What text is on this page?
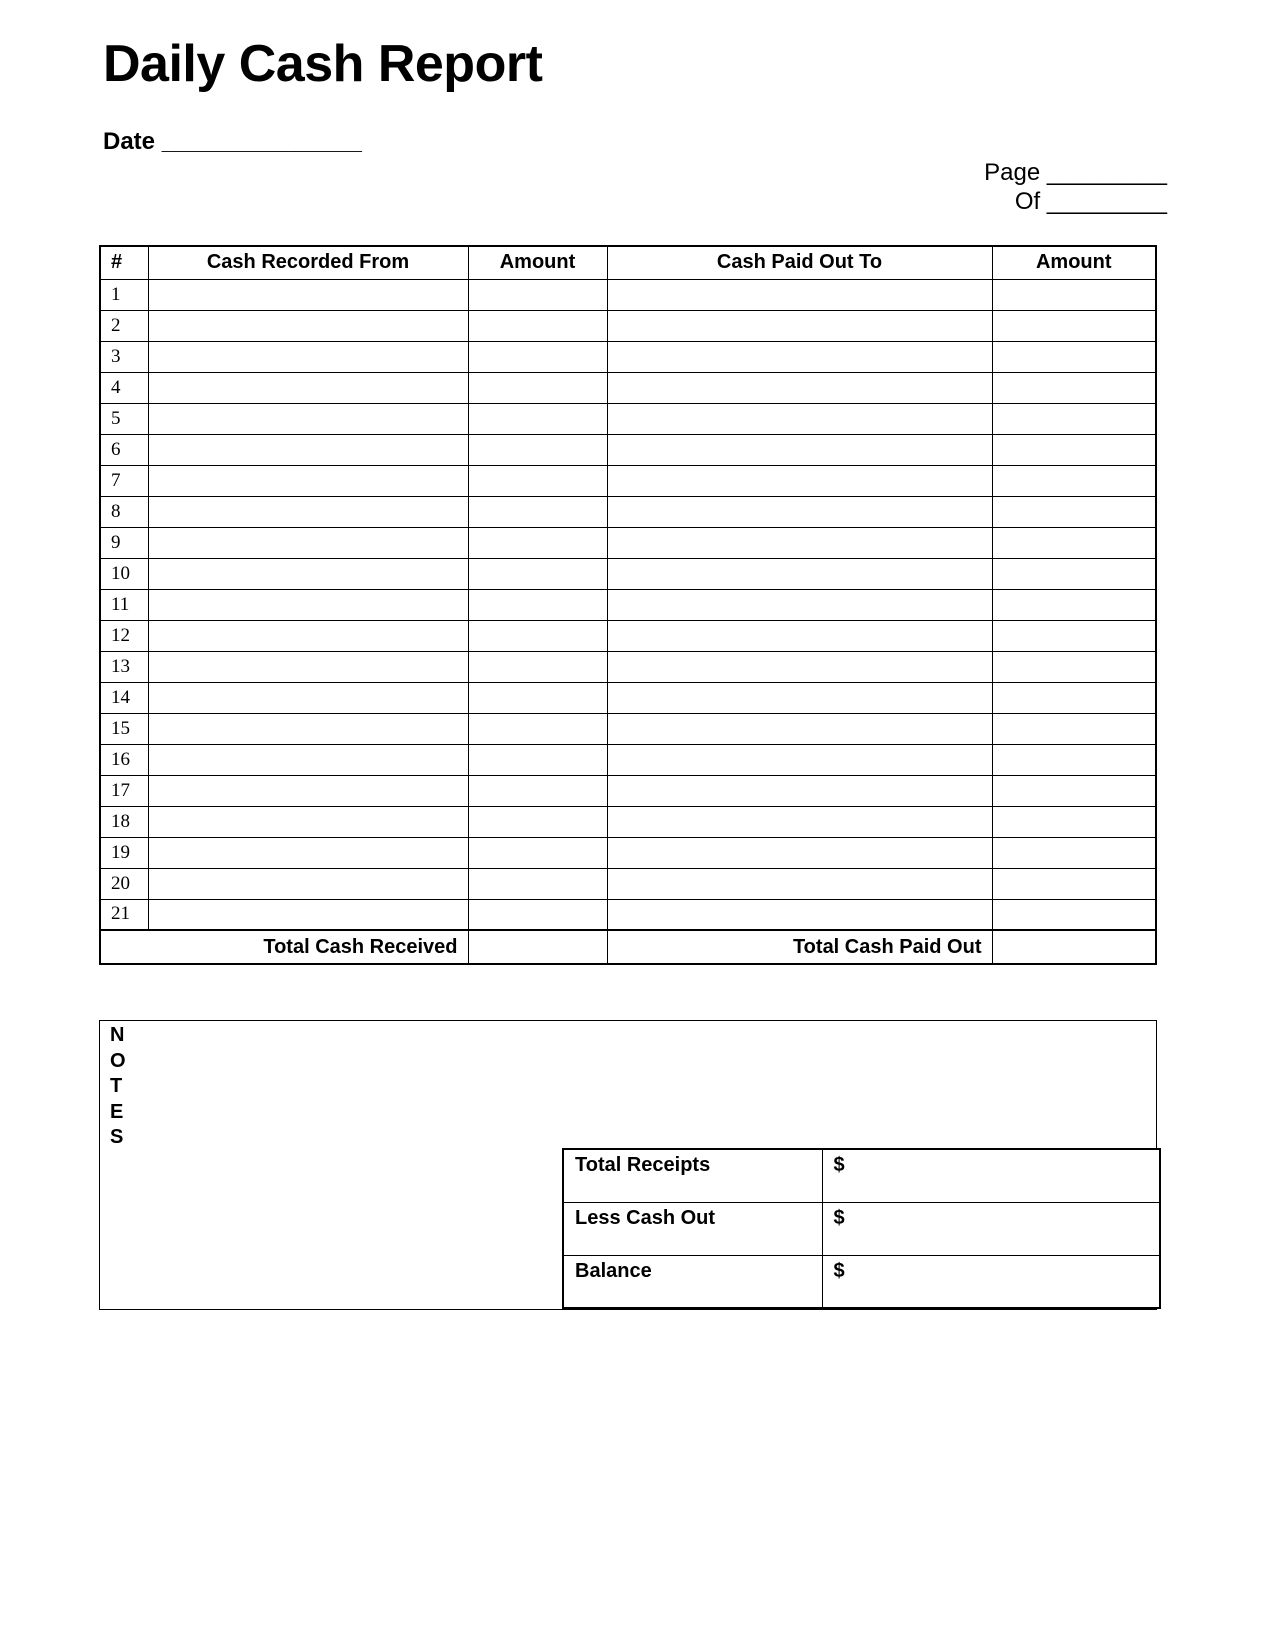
Daily Cash Report
Date _______________
Page _________
Of _________
#	Cash Recorded From	Amount	Cash Paid Out To	Amount
1				
2				
3				
4				
5				
6				
7				
8				
9				
10				
11				
12				
13				
14				
15				
16				
17				
18				
19				
20				
21				
Total Cash Received			Total Cash Paid Out	
N
O
T
E
S
Total Receipts	$
Less Cash Out	$
Balance	$
